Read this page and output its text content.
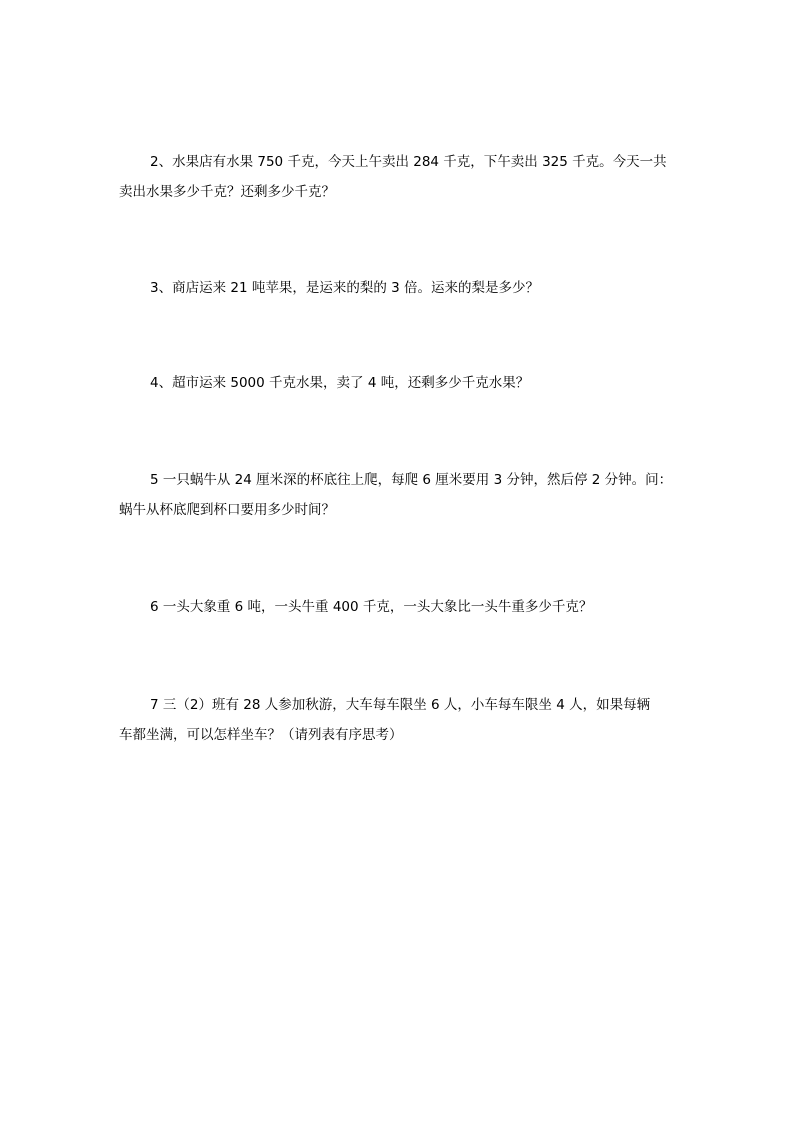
2、水果店有水果 750 千克，今天上午卖出 284 千克，下午卖出 325 千克。今天一共
卖出水果多少千克？还剩多少千克？

3、商店运来 21 吨苹果，是运来的梨的 3 倍。运来的梨是多少？

4、超市运来 5000 千克水果，卖了 4 吨，还剩多少千克水果？

5 一只蜗牛从 24 厘米深的杯底往上爬，每爬 6 厘米要用 3 分钟，然后停 2 分钟。问：
蜗牛从杯底爬到杯口要用多少时间？

6 一头大象重 6 吨，一头牛重 400 千克，一头大象比一头牛重多少千克？

7 三（2）班有 28 人参加秋游，大车每车限坐 6 人，小车每车限坐 4 人，如果每辆
车都坐满，可以怎样坐车？（请列表有序思考）
